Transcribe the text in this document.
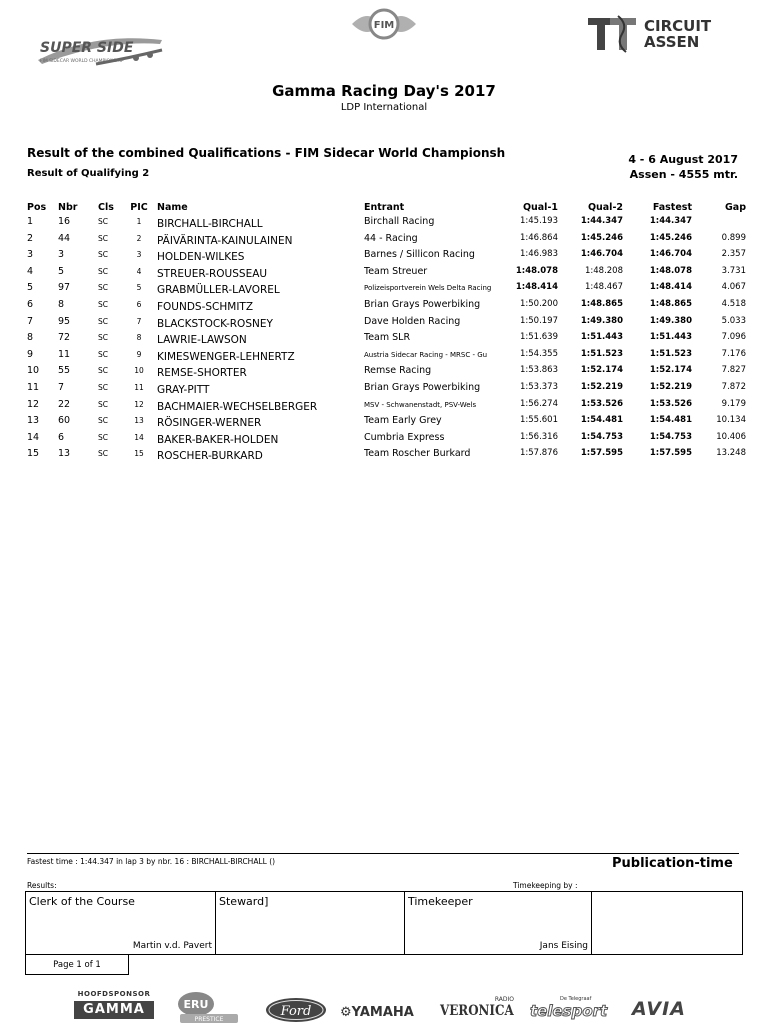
SUPER SIDE
FIM SIDECAR WORLD CHAMPIONSHIP
FIM	CIRCUIT
ASSEN
Gamma Racing Day's 2017
LDP International
Result of the combined Qualifications - FIM Sidecar World Championsh
Result of Qualifying 2
4 - 6 August 2017
Assen - 4555 mtr.
Pos	Nbr	Cls	PIC Name	Entrant	Qual-1	Qual-2	Fastest	Gap
1	16	SC	1	BIRCHALL-BIRCHALL	Birchall Racing	1:45.193	1:44.347	1:44.347
2	44	SC	2	PÄIVÄRINTA-KAINULAINEN	44 - Racing	1:46.864	1:45.246	1:45.246	0.899
3	3	SC	3	HOLDEN-WILKES	Barnes / Sillicon Racing	1:46.983	1:46.704	1:46.704	2.357
4	5	SC	4	STREUER-ROUSSEAU	Team Streuer	1:48.078	1:48.208	1:48.078	3.731
5	97	SC	5	GRABMÜLLER-LAVOREL	Polizeisportverein Wels Delta Racing	1:48.414	1:48.467	1:48.414	4.067
6	8	SC	6	FOUNDS-SCHMITZ	Brian Grays Powerbiking	1:50.200	1:48.865	1:48.865	4.518
7	95	SC	7	BLACKSTOCK-ROSNEY	Dave Holden Racing	1:50.197	1:49.380	1:49.380	5.033
8	72	SC	8	LAWRIE-LAWSON	Team SLR	1:51.639	1:51.443	1:51.443	7.096
9	11	SC	9	KIMESWENGER-LEHNERTZ	Austria Sidecar Racing - MRSC - Gu	1:54.355	1:51.523	1:51.523	7.176
10	55	SC	10	REMSE-SHORTER	Remse Racing	1:53.863	1:52.174	1:52.174	7.827
11	7	SC	11	GRAY-PITT	Brian Grays Powerbiking	1:53.373	1:52.219	1:52.219	7.872
12	22	SC	12	BACHMAIER-WECHSELBERGER	MSV - Schwanenstadt, PSV-Wels	1:56.274	1:53.526	1:53.526	9.179
13	60	SC	13	RÖSINGER-WERNER	Team Early Grey	1:55.601	1:54.481	1:54.481	10.134
14	6	SC	14	BAKER-BAKER-HOLDEN	Cumbria Express	1:56.316	1:54.753	1:54.753	10.406
15	13	SC	15	ROSCHER-BURKARD	Team Roscher Burkard	1:57.876	1:57.595	1:57.595	13.248
Fastest time : 1:44.347 in lap 3 by nbr. 16 : BIRCHALL-BIRCHALL ()	Publication-time
Results:	Timekeeping by :
Clerk of the Course
Martin v.d. Pavert
Steward]	Timekeeper
Jans Eising
Page 1 of 1
HOOFDSPONSOR
GAMMA	ERU
PRESTICE
Ford ⚙YAMAHA
RADIO
VERONICA
De Telegraaf
telesport AVIA
